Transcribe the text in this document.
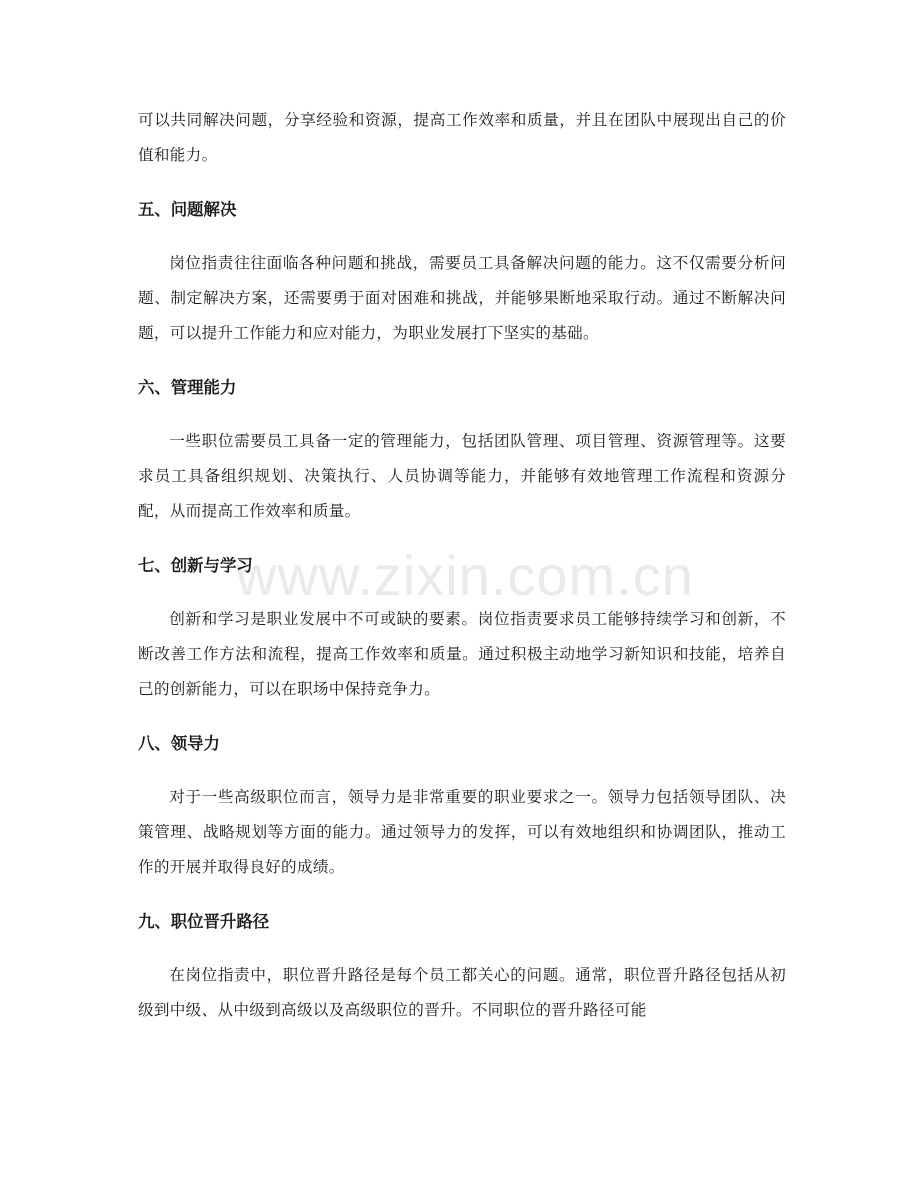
www.zixin.com.cn

可以共同解决问题，分享经验和资源，提高工作效率和质量，并且在团队中展现出自己的价值和能力。

五、问题解决

岗位指责往往面临各种问题和挑战，需要员工具备解决问题的能力。这不仅需要分析问题、制定解决方案，还需要勇于面对困难和挑战，并能够果断地采取行动。通过不断解决问题，可以提升工作能力和应对能力，为职业发展打下坚实的基础。

六、管理能力

一些职位需要员工具备一定的管理能力，包括团队管理、项目管理、资源管理等。这要求员工具备组织规划、决策执行、人员协调等能力，并能够有效地管理工作流程和资源分配，从而提高工作效率和质量。

七、创新与学习

创新和学习是职业发展中不可或缺的要素。岗位指责要求员工能够持续学习和创新，不断改善工作方法和流程，提高工作效率和质量。通过积极主动地学习新知识和技能，培养自己的创新能力，可以在职场中保持竞争力。

八、领导力

对于一些高级职位而言，领导力是非常重要的职业要求之一。领导力包括领导团队、决策管理、战略规划等方面的能力。通过领导力的发挥，可以有效地组织和协调团队，推动工作的开展并取得良好的成绩。

九、职位晋升路径

在岗位指责中，职位晋升路径是每个员工都关心的问题。通常，职位晋升路径包括从初级到中级、从中级到高级以及高级职位的晋升。不同职位的晋升路径可能
